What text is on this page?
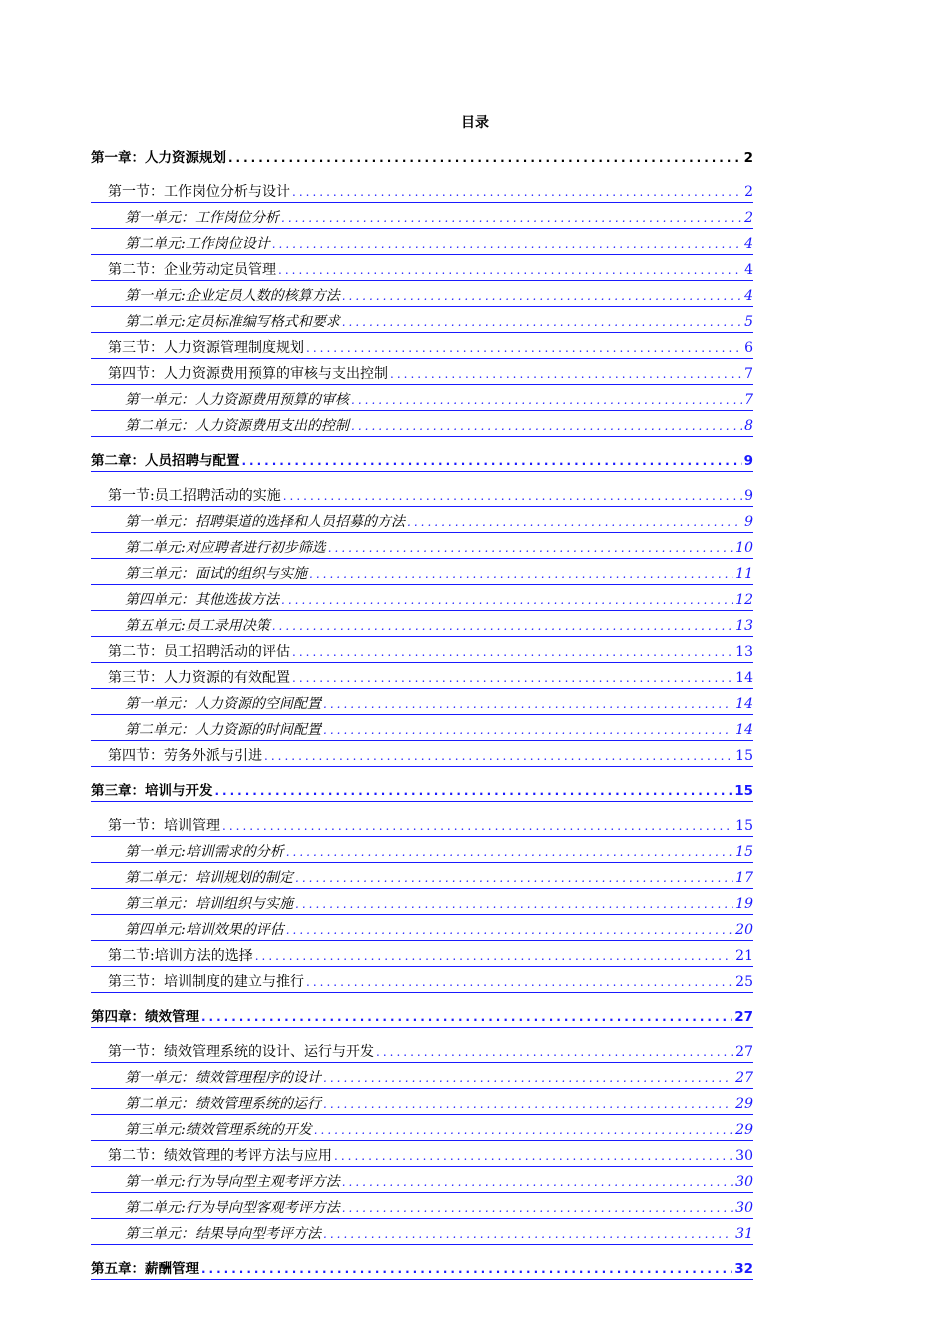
目录
第一章：人力资源规划 .....	2
第一节：工作岗位分析与设计 .....	2
第一单元：工作岗位分析 .....	2
第二单元:工作岗位设计 .....	4
第二节：企业劳动定员管理 .....	4
第一单元:企业定员人数的核算方法 .....	4
第二单元:定员标准编写格式和要求 .....	5
第三节：人力资源管理制度规划 .....	6
第四节：人力资源费用预算的审核与支出控制 .....	7
第一单元：人力资源费用预算的审核 .....	7
第二单元：人力资源费用支出的控制 .....	8
第二章：人员招聘与配置 .....	9
第一节:员工招聘活动的实施 .....	9
第一单元：招聘渠道的选择和人员招募的方法 .....	9
第二单元:对应聘者进行初步筛选 .....	10
第三单元：面试的组织与实施 .....	11
第四单元：其他选拔方法 .....	12
第五单元:员工录用决策 .....	13
第二节：员工招聘活动的评估 .....	13
第三节：人力资源的有效配置 .....	14
第一单元：人力资源的空间配置 .....	14
第二单元：人力资源的时间配置 .....	14
第四节：劳务外派与引进 .....	15
第三章：培训与开发 .....	15
第一节：培训管理 .....	15
第一单元:培训需求的分析 .....	15
第二单元：培训规划的制定 .....	17
第三单元：培训组织与实施 .....	19
第四单元:培训效果的评估 .....	20
第二节:培训方法的选择 .....	21
第三节：培训制度的建立与推行 .....	25
第四章：绩效管理 .....	27
第一节：绩效管理系统的设计、运行与开发 .....	27
第一单元：绩效管理程序的设计 .....	27
第二单元：绩效管理系统的运行 .....	29
第三单元:绩效管理系统的开发 .....	29
第二节：绩效管理的考评方法与应用 .....	30
第一单元:行为导向型主观考评方法 .....	30
第二单元:行为导向型客观考评方法 .....	30
第三单元：结果导向型考评方法 .....	31
第五章：薪酬管理 .....	32
